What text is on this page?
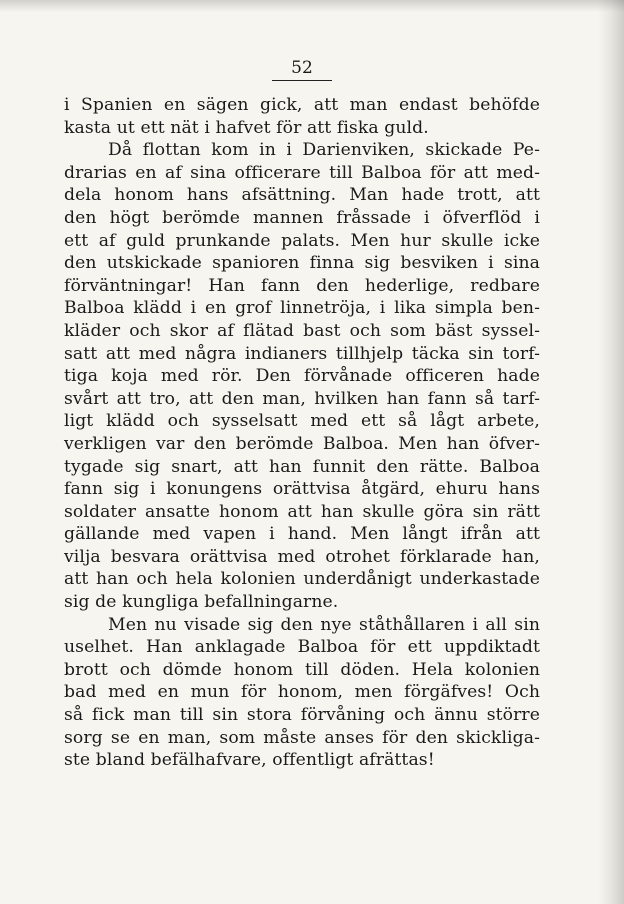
52
i Spanien en sägen gick, att man endast behöfde
kasta ut ett nät i hafvet för att fiska guld.
Då flottan kom in i Darienviken, skickade Pe-
drarias en af sina officerare till Balboa för att med-
dela honom hans afsättning. Man hade trott, att
den högt berömde mannen fråssade i öfverflöd i
ett af guld prunkande palats. Men hur skulle icke
den utskickade spanioren finna sig besviken i sina
förväntningar! Han fann den hederlige, redbare
Balboa klädd i en grof linnetröja, i lika simpla ben-
kläder och skor af flätad bast och som bäst syssel-
satt att med några indianers tillhjelp täcka sin torf-
tiga koja med rör. Den förvånade officeren hade
svårt att tro, att den man, hvilken han fann så tarf-
ligt klädd och sysselsatt med ett så lågt arbete,
verkligen var den berömde Balboa. Men han öfver-
tygade sig snart, att han funnit den rätte. Balboa
fann sig i konungens orättvisa åtgärd, ehuru hans
soldater ansatte honom att han skulle göra sin rätt
gällande med vapen i hand. Men långt ifrån att
vilja besvara orättvisa med otrohet förklarade han,
att han och hela kolonien underdånigt underkastade
sig de kungliga befallningarne.
Men nu visade sig den nye ståthållaren i all sin
uselhet. Han anklagade Balboa för ett uppdiktadt
brott och dömde honom till döden. Hela kolonien
bad med en mun för honom, men förgäfves! Och
så fick man till sin stora förvåning och ännu större
sorg se en man, som måste anses för den skickliga-
ste bland befälhafvare, offentligt afrättas!
